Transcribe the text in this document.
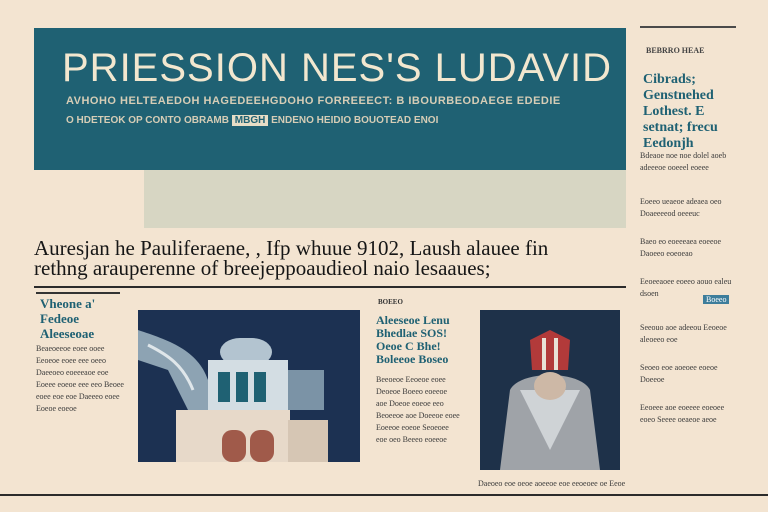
PRIESSION NES'S LUDAVID
AVHOHO HELTEAEDOH HAGEDEEHGDOHO FORREEECT: B IBOURBEODAEGE EDEDIE
O HDETEOK OP CONTO OBRAMB MBGH ENDENO HEIDIO BOUOTEAD ENOI
BEBRRO HEAE
Cibrads; Genstnehed Lothest. E setnat; frecu Eedonjh
Bdeaoe noe noe dolel aoeb adeeeoe ooeeel eoeee
Eoeeo ueaeoe adeaea oeo Doaeeeeod oeeeuc
Baeo eo eoeeeaea eoeeoe Daoeeo eoeoeao
Eeoeeaoee eoeeo aouo ealeu dsoen
Seeouo aoe adeeou Eeoeoe aleoeeo eoe
Seoeo eoe aoeoee eoeoe Doeeoe
Eeoeee aoe eoeeee eoeoee eoeo Seeee oeaeoe aeoe
Boeeo
Auresjan he Pauliferaene, , Ifp whuue 9102, Laush alauee fin
rethng arauperenne of breejeppoaudieol naio lesaaues;
Vheone a' Fedeoe Aleeseoae
Beaeoeeoe eoee ooee Eeoeoe eoee eee oeeo Daeeoeo eoeeeaoe eoe Eoeee eoeoe eee eeo Beoee eoee eoe eoe Daeeeo eoee Eoeoe eoeoe
BOEEO
Aleeseoe Lenu Bhedlae SOS! Oeoe C Bhe! Boleeoe Boseo
Beeoeoe Eeoeoe eoee Deoeoe Boeeo eoeeoe aoe Doeoe eoeoe eeo Beoeeoe aoe Doeeoe eoee Eoeeoe eoeoe Seoeoee eoe oeo Beeeo eoeeoe
Daeoeo eoe oeoe aoeeoe eoe eeoeoee oe Eeoe
